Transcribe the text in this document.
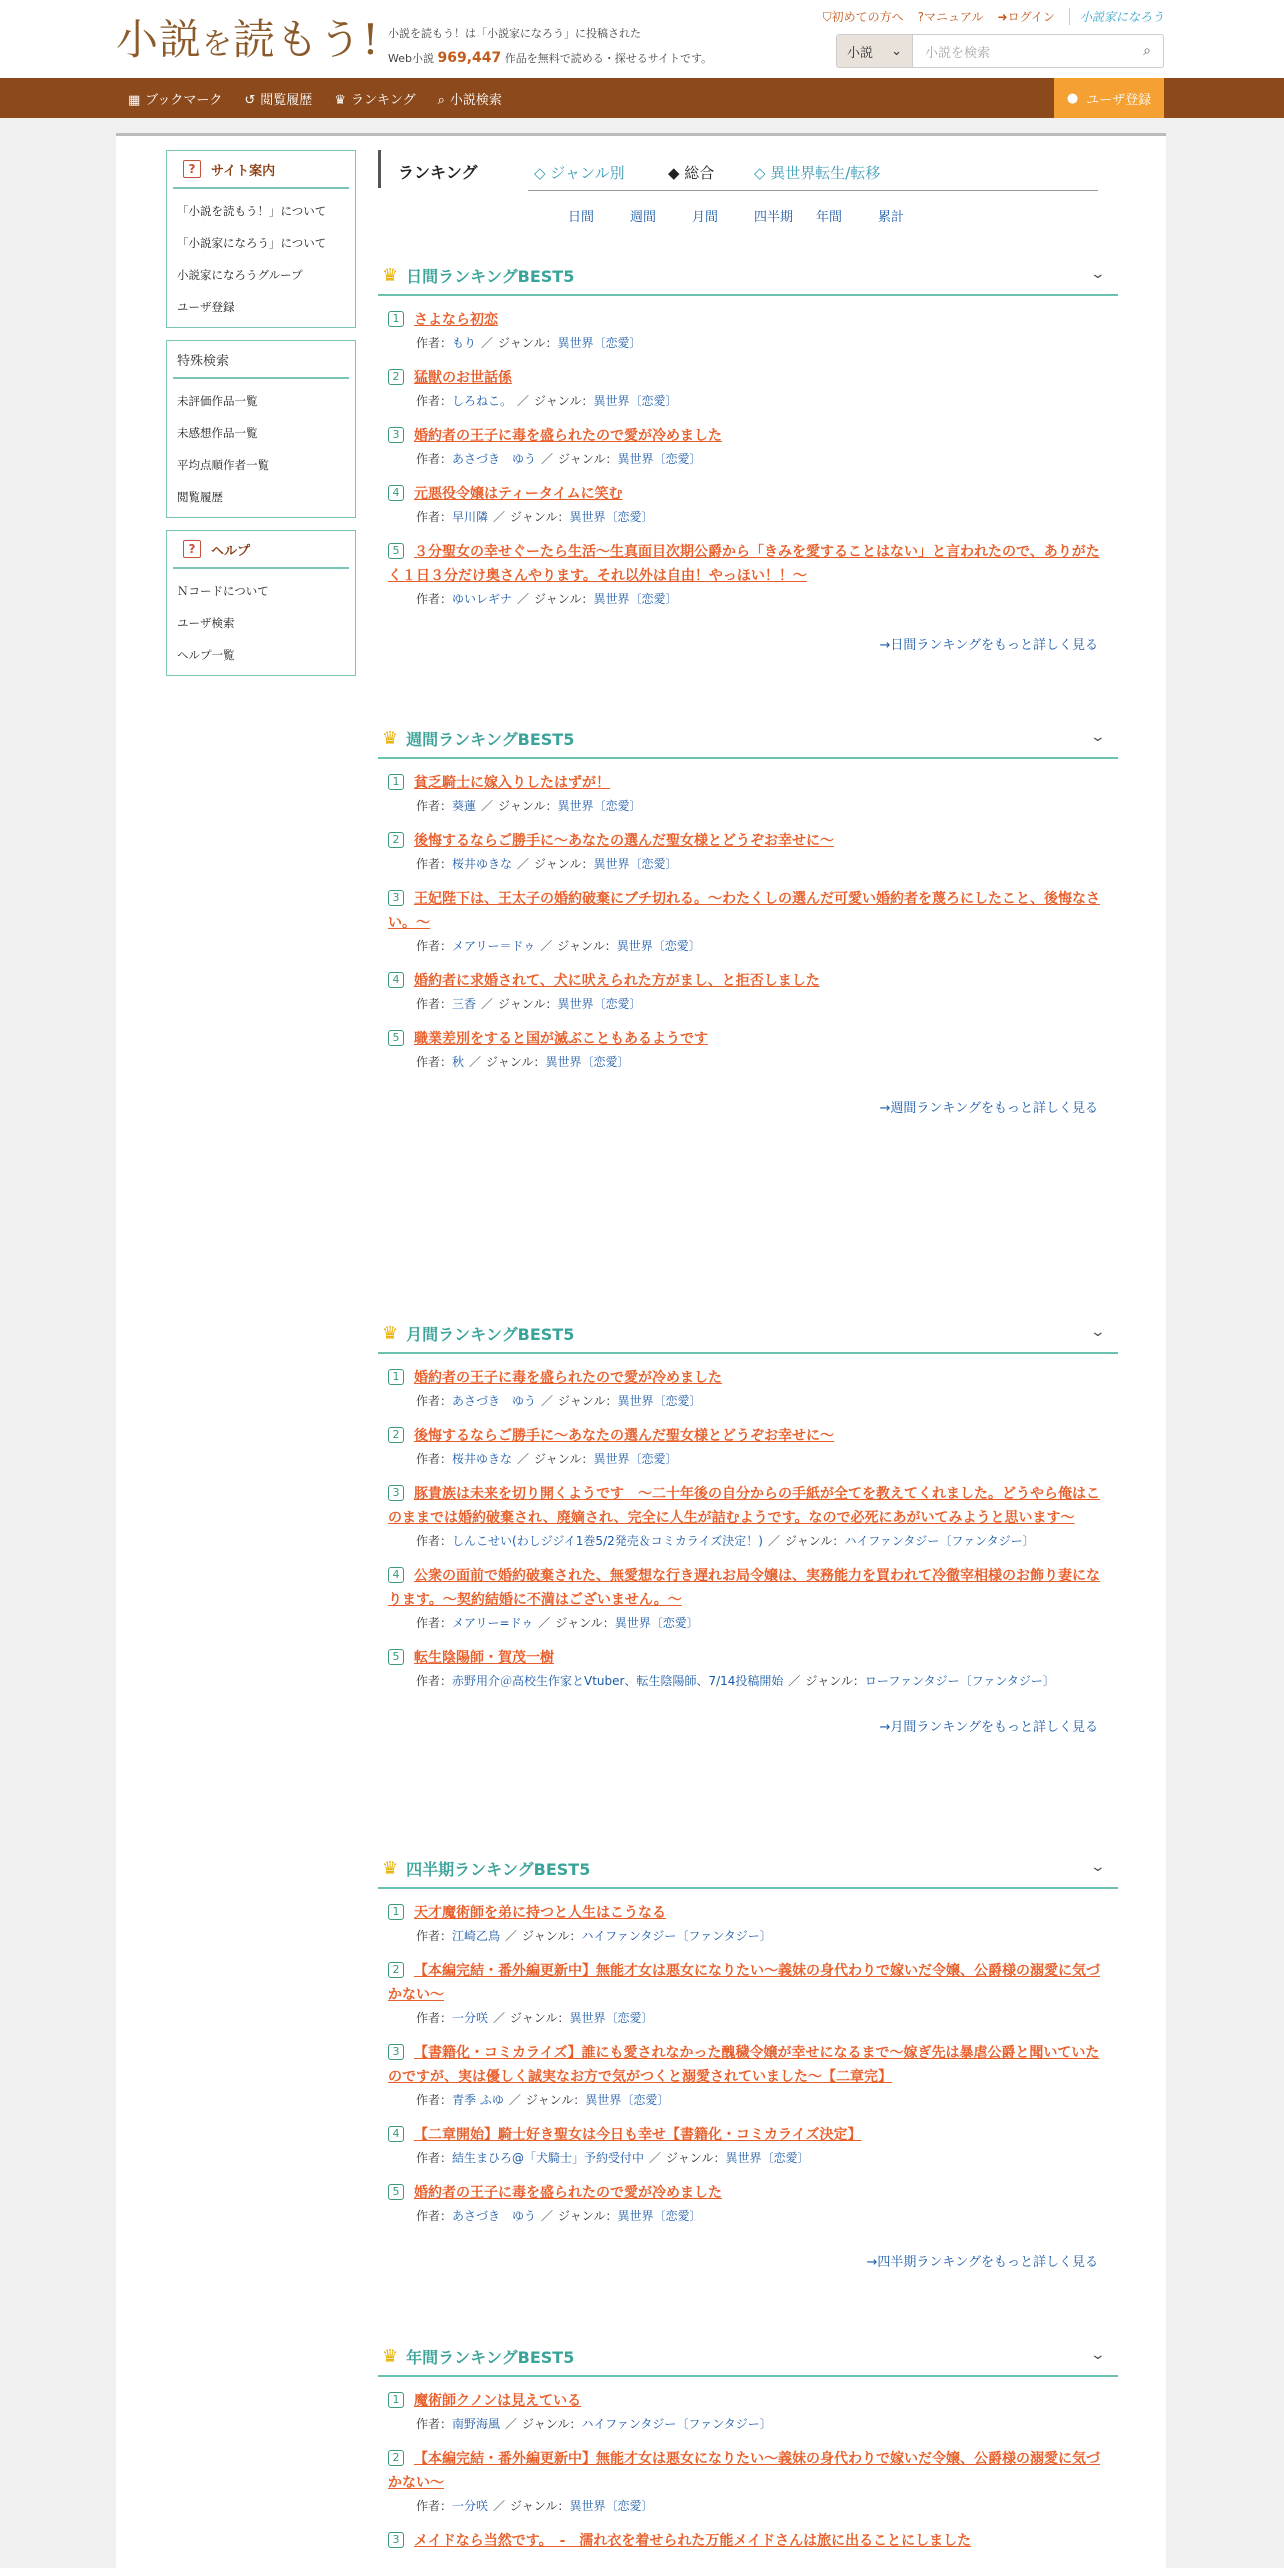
小説を読もう! 小説を読もう！は「小説家になろう」に投稿された
Web小説 969,447 作品を無料で読める・探せるサイトです。
⛉初めての方へ ?マニュアル ➜ログイン	小説家になろう
小説 ⌄	小説を検索	⌕
▦ ブックマーク ↺ 閲覧履歴 ♛ ランキング ⌕ 小説検索	● ユーザ登録
?	サイト案内
「小説を読もう！」について
「小説家になろう」について
小説家になろうグループ
ユーザ登録
特殊検索
未評価作品一覧
未感想作品一覧
平均点順作者一覧
閲覧履歴
?	ヘルプ
Ｎコードについて
ユーザ検索
ヘルプ一覧
ランキング	◇ ジャンル別	◆ 総合	◇ 異世界転生/転移
日間	週間	月間	四半期	年間	累計
♛ 日間ランキングBEST5	⌄
1	さよなら初恋
作者：もり ／ ジャンル：異世界〔恋愛〕
2	猛獣のお世話係
作者：しろねこ。 ／ ジャンル：異世界〔恋愛〕
3	婚約者の王子に毒を盛られたので愛が冷めました
作者：あさづき　ゆう ／ ジャンル：異世界〔恋愛〕
4	元悪役令嬢はティータイムに笑む
作者：早川隣 ／ ジャンル：異世界〔恋愛〕
5	３分聖女の幸せぐーたら生活〜生真面目次期公爵から「きみを愛することはない」と言われたので、ありがたく１日３分だけ奥さんやります。それ以外は自由！やっほい！！〜
作者：ゆいレギナ ／ ジャンル：異世界〔恋愛〕
→日間ランキングをもっと詳しく見る
♛ 週間ランキングBEST5	⌄
1	貧乏騎士に嫁入りしたはずが！
作者：葵蓮 ／ ジャンル：異世界〔恋愛〕
2	後悔するならご勝手に～あなたの選んだ聖女様とどうぞお幸せに～
作者：桜井ゆきな ／ ジャンル：異世界〔恋愛〕
3	王妃陛下は、王太子の婚約破棄にブチ切れる。～わたくしの選んだ可愛い婚約者を蔑ろにしたこと、後悔なさい。～
作者：メアリー＝ドゥ ／ ジャンル：異世界〔恋愛〕
4	婚約者に求婚されて、犬に吠えられた方がまし、と拒否しました
作者：三香 ／ ジャンル：異世界〔恋愛〕
5	職業差別をすると国が滅ぶこともあるようです
作者：秋 ／ ジャンル：異世界〔恋愛〕
→週間ランキングをもっと詳しく見る
♛ 月間ランキングBEST5	⌄
1	婚約者の王子に毒を盛られたので愛が冷めました
作者：あさづき　ゆう ／ ジャンル：異世界〔恋愛〕
2	後悔するならご勝手に～あなたの選んだ聖女様とどうぞお幸せに～
作者：桜井ゆきな ／ ジャンル：異世界〔恋愛〕
3	豚貴族は未来を切り開くようです　～二十年後の自分からの手紙が全てを教えてくれました。どうやら俺はこのままでは婚約破棄され、廃嫡され、完全に人生が詰むようです。なので必死にあがいてみようと思います～
作者：しんこせい(わしジジイ1巻5/2発売＆コミカライズ決定！) ／ ジャンル：ハイファンタジー〔ファンタジー〕
4	公衆の面前で婚約破棄された、無愛想な行き遅れお局令嬢は、実務能力を買われて冷徹宰相様のお飾り妻になります。～契約結婚に不満はございません。～
作者：メアリー=ドゥ ／ ジャンル：異世界〔恋愛〕
5	転生陰陽師・賀茂一樹
作者：赤野用介＠高校生作家とVtuber、転生陰陽師、7/14投稿開始 ／ ジャンル：ローファンタジー〔ファンタジー〕
→月間ランキングをもっと詳しく見る
♛ 四半期ランキングBEST5	⌄
1	天才魔術師を弟に持つと人生はこうなる
作者：江崎乙鳥 ／ ジャンル：ハイファンタジー〔ファンタジー〕
2	【本編完結・番外編更新中】無能才女は悪女になりたい～義妹の身代わりで嫁いだ令嬢、公爵様の溺愛に気づかない～
作者：一分咲 ／ ジャンル：異世界〔恋愛〕
3	【書籍化・コミカライズ】誰にも愛されなかった醜穢令嬢が幸せになるまで〜嫁ぎ先は暴虐公爵と聞いていたのですが、実は優しく誠実なお方で気がつくと溺愛されていました〜【二章完】
作者：青季 ふゆ ／ ジャンル：異世界〔恋愛〕
4	【二章開始】騎士好き聖女は今日も幸せ【書籍化・コミカライズ決定】
作者：結生まひろ@「犬騎士」予約受付中 ／ ジャンル：異世界〔恋愛〕
5	婚約者の王子に毒を盛られたので愛が冷めました
作者：あさづき　ゆう ／ ジャンル：異世界〔恋愛〕
→四半期ランキングをもっと詳しく見る
♛ 年間ランキングBEST5	⌄
1	魔術師クノンは見えている
作者：南野海風 ／ ジャンル：ハイファンタジー〔ファンタジー〕
2	【本編完結・番外編更新中】無能才女は悪女になりたい～義妹の身代わりで嫁いだ令嬢、公爵様の溺愛に気づかない～
作者：一分咲 ／ ジャンル：異世界〔恋愛〕
3	メイドなら当然です。　-　濡れ衣を着せられた万能メイドさんは旅に出ることにしました
